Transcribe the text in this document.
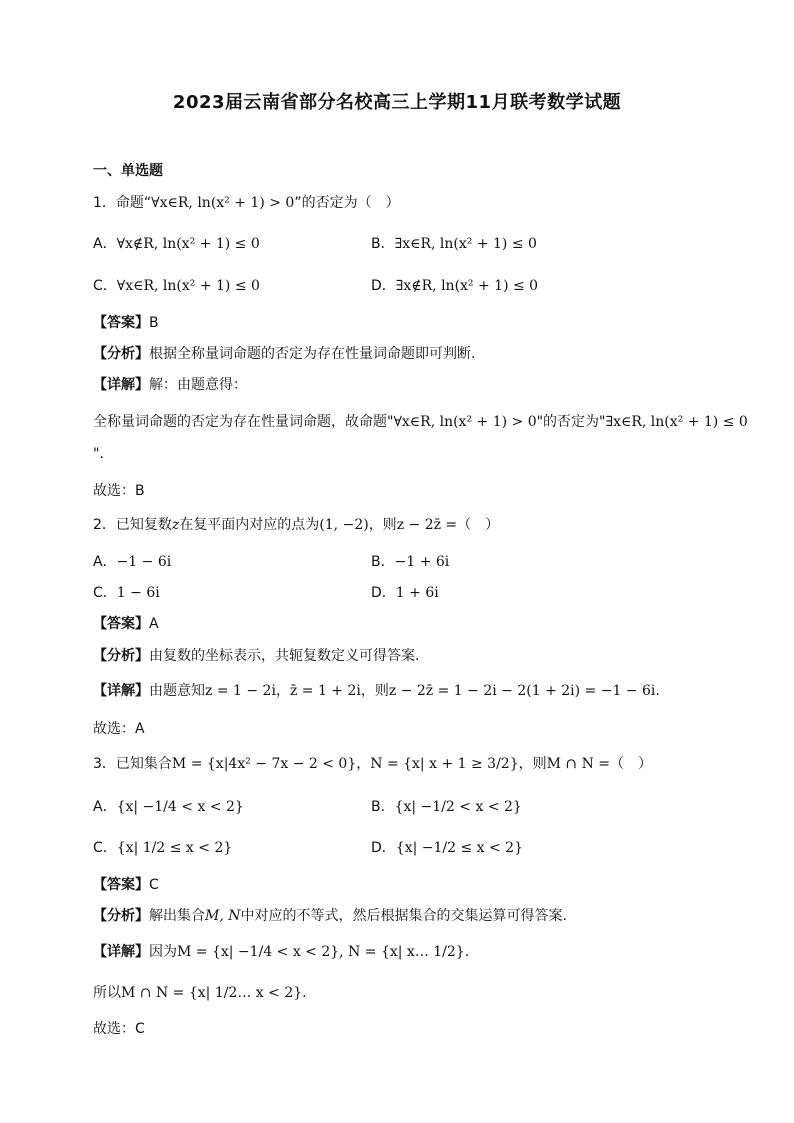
2023届云南省部分名校高三上学期11月联考数学试题
一、单选题
1．命题“∀x∈R, ln(x² + 1) > 0”的否定为（　）
A．∀x∉R, ln(x² + 1) ≤ 0	B．∃x∈R, ln(x² + 1) ≤ 0
C．∀x∈R, ln(x² + 1) ≤ 0	D．∃x∉R, ln(x² + 1) ≤ 0
【答案】B
【分析】根据全称量词命题的否定为存在性量词命题即可判断.
【详解】解：由题意得：
全称量词命题的否定为存在性量词命题，故命题"∀x∈R, ln(x² + 1) > 0"的否定为"∃x∈R, ln(x² + 1) ≤ 0
".
故选：B
2．已知复数z在复平面内对应的点为(1, −2)，则z − 2z̄ =（　）
A．−1 − 6i	B．−1 + 6i
C．1 − 6i	D．1 + 6i
【答案】A
【分析】由复数的坐标表示，共轭复数定义可得答案.
【详解】由题意知z = 1 − 2i，z̄ = 1 + 2i，则z − 2z̄ = 1 − 2i − 2(1 + 2i) = −1 − 6i.
故选：A
3．已知集合M = {x|4x² − 7x − 2 < 0}，N = {x| x + 1 ≥ 3/2}，则M ∩ N =（　）
A．{x| −1/4 < x < 2}	B．{x| −1/2 < x < 2}
C．{x| 1/2 ≤ x < 2}	D．{x| −1/2 ≤ x < 2}
【答案】C
【分析】解出集合M, N中对应的不等式，然后根据集合的交集运算可得答案.
【详解】因为M = {x| −1/4 < x < 2}, N = {x| x… 1/2}.
所以M ∩ N = {x| 1/2… x < 2}.
故选：C
